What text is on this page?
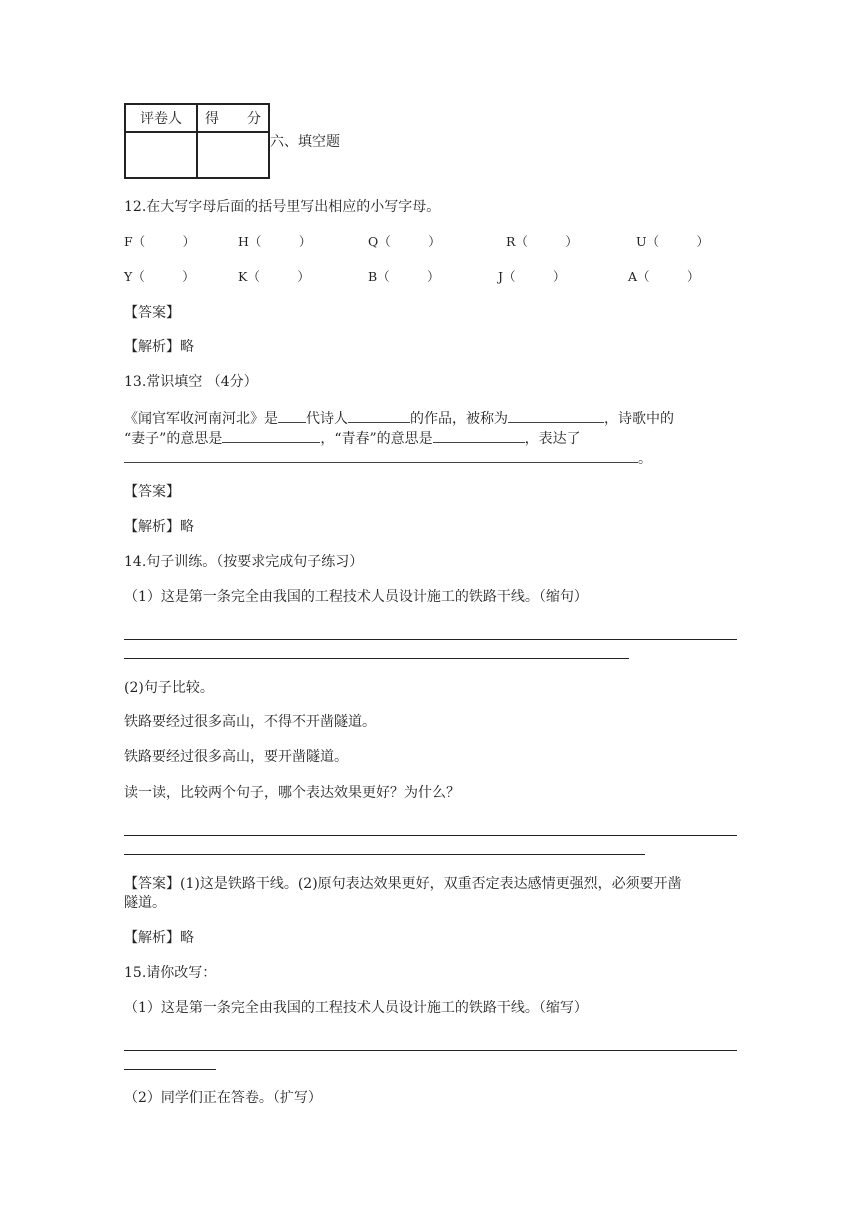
评卷人	得　　分

六、填空题
12.在大写字母后面的括号里写出相应的小写字母。
F（　　　）	H（　　　）	Q（　　　）	R（　　　）	U（　　　）
Y（　　　）	K（　　　）	B（　　　）	J（　　　）	A（　　　）
【答案】
【解析】略
13.常识填空 （4分）
《闻官军收河南河北》是 代诗人	的作品，被称为	，诗歌中的
“妻子”的意思是	，“青春”的意思是	，表达了
。
【答案】
【解析】略
14.句子训练。（按要求完成句子练习）
（1）这是第一条完全由我国的工程技术人员设计施工的铁路干线。（缩句）
(2)句子比较。
铁路要经过很多高山，不得不开凿隧道。
铁路要经过很多高山，要开凿隧道。
读一读，比较两个句子，哪个表达效果更好？为什么？
【答案】(1)这是铁路干线。(2)原句表达效果更好，双重否定表达感情更强烈，必须要开凿
隧道。
【解析】略
15.请你改写：
（1）这是第一条完全由我国的工程技术人员设计施工的铁路干线。（缩写）
（2）同学们正在答卷。（扩写）
